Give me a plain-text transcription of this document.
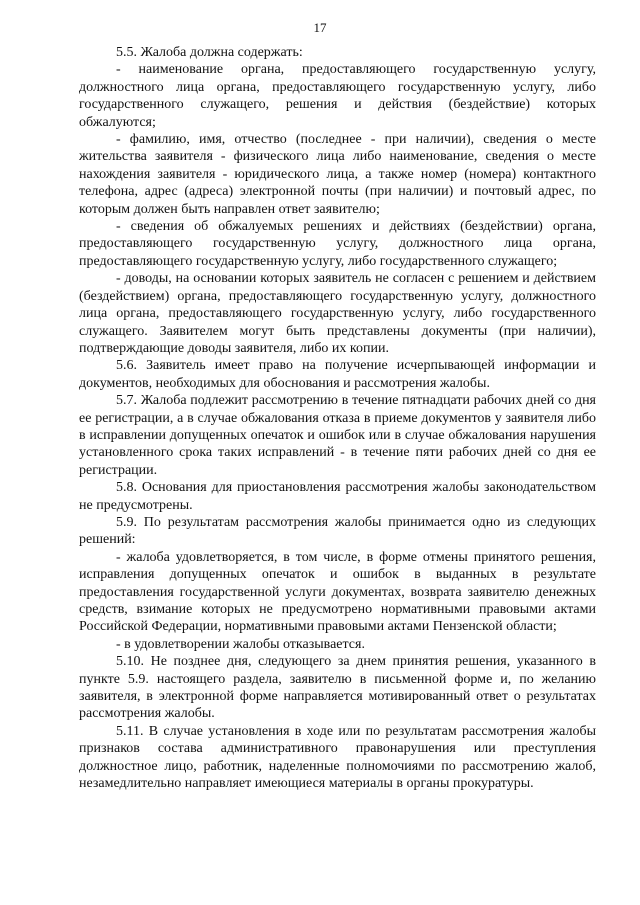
17

5.5. Жалоба должна содержать:

- наименование органа, предоставляющего государственную услугу, должностного лица органа, предоставляющего государственную услугу, либо государственного служащего, решения и действия (бездействие) которых обжалуются;

- фамилию, имя, отчество (последнее - при наличии), сведения о месте жительства заявителя - физического лица либо наименование, сведения о месте нахождения заявителя - юридического лица, а также номер (номера) контактного телефона, адрес (адреса) электронной почты (при наличии) и почтовый адрес, по которым должен быть направлен ответ заявителю;

- сведения об обжалуемых решениях и действиях (бездействии) органа, предоставляющего государственную услугу, должностного лица органа, предоставляющего государственную услугу, либо государственного служащего;

- доводы, на основании которых заявитель не согласен с решением и действием (бездействием) органа, предоставляющего государственную услугу, должностного лица органа, предоставляющего государственную услугу, либо государственного служащего. Заявителем могут быть представлены документы (при наличии), подтверждающие доводы заявителя, либо их копии.

5.6. Заявитель имеет право на получение исчерпывающей информации и документов, необходимых для обоснования и рассмотрения жалобы.

5.7. Жалоба подлежит рассмотрению в течение пятнадцати рабочих дней со дня ее регистрации, а в случае обжалования отказа в приеме документов у заявителя либо в исправлении допущенных опечаток и ошибок или в случае обжалования нарушения установленного срока таких исправлений - в течение пяти рабочих дней со дня ее регистрации.

5.8. Основания для приостановления рассмотрения жалобы законодательством не предусмотрены.

5.9. По результатам рассмотрения жалобы принимается одно из следующих решений:

- жалоба удовлетворяется, в том числе, в форме отмены принятого решения, исправления допущенных опечаток и ошибок в выданных в результате предоставления государственной услуги документах, возврата заявителю денежных средств, взимание которых не предусмотрено нормативными правовыми актами Российской Федерации, нормативными правовыми актами Пензенской области;

- в удовлетворении жалобы отказывается.

5.10. Не позднее дня, следующего за днем принятия решения, указанного в пункте 5.9. настоящего раздела, заявителю в письменной форме и, по желанию заявителя, в электронной форме направляется мотивированный ответ о результатах рассмотрения жалобы.

5.11. В случае установления в ходе или по результатам рассмотрения жалобы признаков состава административного правонарушения или преступления должностное лицо, работник, наделенные полномочиями по рассмотрению жалоб, незамедлительно направляет имеющиеся материалы в органы прокуратуры.
